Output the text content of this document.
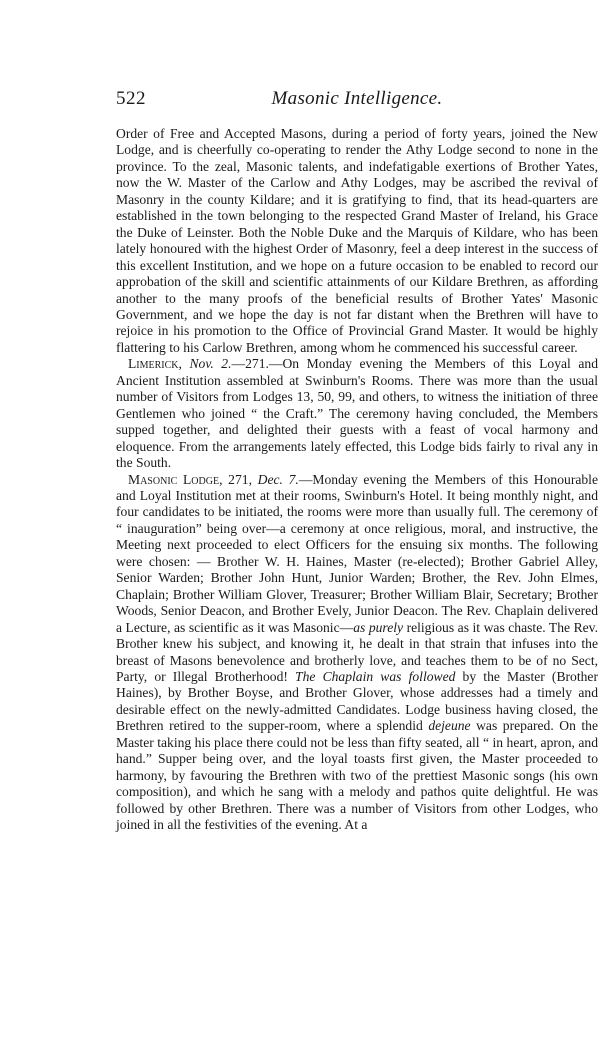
522	Masonic Intelligence.

Order of Free and Accepted Masons, during a period of forty years, joined the New Lodge, and is cheerfully co-operating to render the Athy Lodge second to none in the province. To the zeal, Masonic talents, and indefatigable exertions of Brother Yates, now the W. Master of the Carlow and Athy Lodges, may be ascribed the revival of Masonry in the county Kildare; and it is gratifying to find, that its head-quarters are established in the town belonging to the respected Grand Master of Ireland, his Grace the Duke of Leinster. Both the Noble Duke and the Marquis of Kildare, who has been lately honoured with the highest Order of Masonry, feel a deep interest in the success of this excellent Institution, and we hope on a future occasion to be enabled to record our approbation of the skill and scientific attainments of our Kildare Brethren, as affording another to the many proofs of the beneficial results of Brother Yates' Masonic Government, and we hope the day is not far distant when the Brethren will have to rejoice in his promotion to the Office of Provincial Grand Master. It would be highly flattering to his Carlow Brethren, among whom he commenced his successful career.

Limerick, Nov. 2.—271.—On Monday evening the Members of this Loyal and Ancient Institution assembled at Swinburn's Rooms. There was more than the usual number of Visitors from Lodges 13, 50, 99, and others, to witness the initiation of three Gentlemen who joined “ the Craft.” The ceremony having concluded, the Members supped together, and delighted their guests with a feast of vocal harmony and eloquence. From the arrangements lately effected, this Lodge bids fairly to rival any in the South.

Masonic Lodge, 271, Dec. 7.—Monday evening the Members of this Honourable and Loyal Institution met at their rooms, Swinburn's Hotel. It being monthly night, and four candidates to be initiated, the rooms were more than usually full. The ceremony of “ inauguration” being over—a ceremony at once religious, moral, and instructive, the Meeting next proceeded to elect Officers for the ensuing six months. The following were chosen: — Brother W. H. Haines, Master (re-elected); Brother Gabriel Alley, Senior Warden; Brother John Hunt, Junior Warden; Brother, the Rev. John Elmes, Chaplain; Brother William Glover, Treasurer; Brother William Blair, Secretary; Brother Woods, Senior Deacon, and Brother Evely, Junior Deacon. The Rev. Chaplain delivered a Lecture, as scientific as it was Masonic—as purely religious as it was chaste. The Rev. Brother knew his subject, and knowing it, he dealt in that strain that infuses into the breast of Masons benevolence and brotherly love, and teaches them to be of no Sect, Party, or Illegal Brotherhood! The Chaplain was followed by the Master (Brother Haines), by Brother Boyse, and Brother Glover, whose addresses had a timely and desirable effect on the newly-admitted Candidates. Lodge business having closed, the Brethren retired to the supper-room, where a splendid dejeune was prepared. On the Master taking his place there could not be less than fifty seated, all “ in heart, apron, and hand.” Supper being over, and the loyal toasts first given, the Master proceeded to harmony, by favouring the Brethren with two of the prettiest Masonic songs (his own composition), and which he sang with a melody and pathos quite delightful. He was followed by other Brethren. There was a number of Visitors from other Lodges, who joined in all the festivities of the evening. At a
